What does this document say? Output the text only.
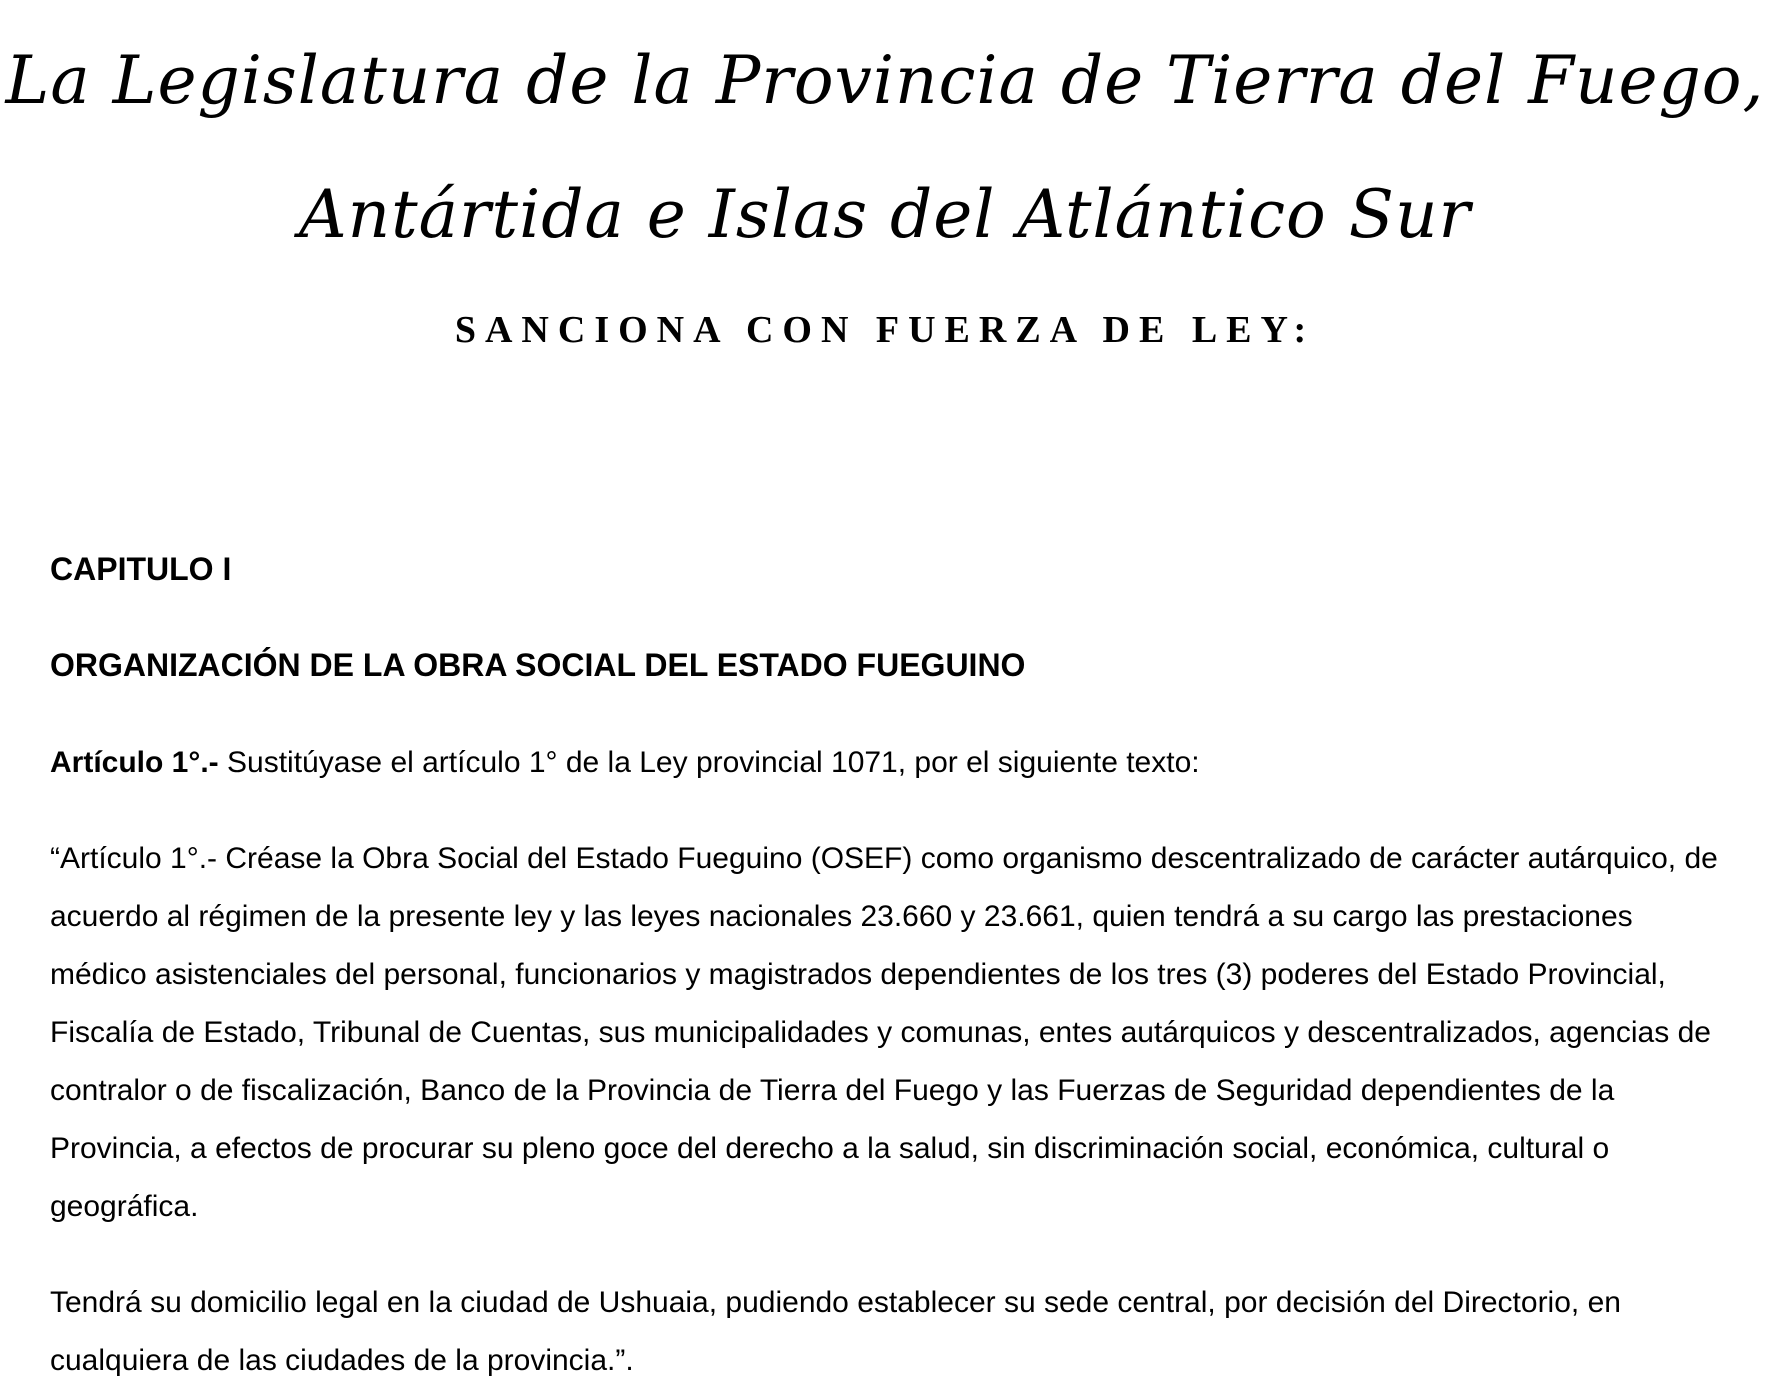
La Legislatura de la Provincia de Tierra del Fuego,
Antártida e Islas del Atlántico Sur
SANCIONA CON FUERZA DE LEY:

CAPITULO I

ORGANIZACIÓN DE LA OBRA SOCIAL DEL ESTADO FUEGUINO

Artículo 1°.- Sustitúyase el artículo 1° de la Ley provincial 1071, por el siguiente texto:

“Artículo 1°.- Créase la Obra Social del Estado Fueguino (OSEF) como organismo descentralizado de carácter autárquico, de acuerdo al régimen de la presente ley y las leyes nacionales 23.660 y 23.661, quien tendrá a su cargo las prestaciones médico asistenciales del personal, funcionarios y magistrados dependientes de los tres (3) poderes del Estado Provincial, Fiscalía de Estado, Tribunal de Cuentas, sus municipalidades y comunas, entes autárquicos y descentralizados, agencias de contralor o de fiscalización, Banco de la Provincia de Tierra del Fuego y las Fuerzas de Seguridad dependientes de la Provincia, a efectos de procurar su pleno goce del derecho a la salud, sin discriminación social, económica, cultural o geográfica.

Tendrá su domicilio legal en la ciudad de Ushuaia, pudiendo establecer su sede central, por decisión del Directorio, en cualquiera de las ciudades de la provincia.”.
